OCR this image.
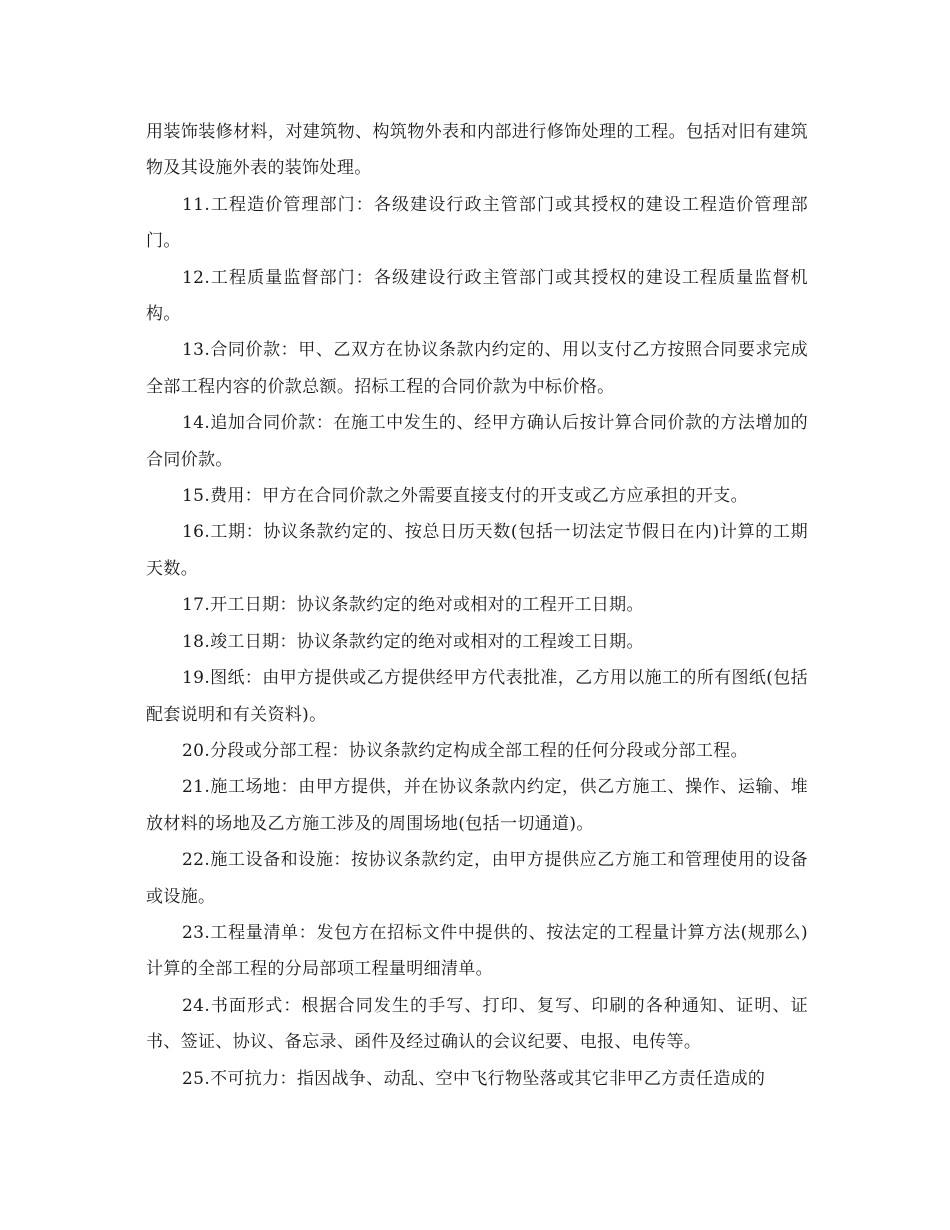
用装饰装修材料，对建筑物、构筑物外表和内部进行修饰处理的工程。包括对旧有建筑物及其设施外表的装饰处理。

11.工程造价管理部门：各级建设行政主管部门或其授权的建设工程造价管理部门。

12.工程质量监督部门：各级建设行政主管部门或其授权的建设工程质量监督机构。

13.合同价款：甲、乙双方在协议条款内约定的、用以支付乙方按照合同要求完成全部工程内容的价款总额。招标工程的合同价款为中标价格。

14.追加合同价款：在施工中发生的、经甲方确认后按计算合同价款的方法增加的合同价款。

15.费用：甲方在合同价款之外需要直接支付的开支或乙方应承担的开支。

16.工期：协议条款约定的、按总日历天数(包括一切法定节假日在内)计算的工期天数。

17.开工日期：协议条款约定的绝对或相对的工程开工日期。

18.竣工日期：协议条款约定的绝对或相对的工程竣工日期。

19.图纸：由甲方提供或乙方提供经甲方代表批准，乙方用以施工的所有图纸(包括配套说明和有关资料)。

20.分段或分部工程：协议条款约定构成全部工程的任何分段或分部工程。

21.施工场地：由甲方提供，并在协议条款内约定，供乙方施工、操作、运输、堆放材料的场地及乙方施工涉及的周围场地(包括一切通道)。

22.施工设备和设施：按协议条款约定，由甲方提供应乙方施工和管理使用的设备或设施。

23.工程量清单：发包方在招标文件中提供的、按法定的工程量计算方法(规那么)计算的全部工程的分局部项工程量明细清单。

24.书面形式：根据合同发生的手写、打印、复写、印刷的各种通知、证明、证书、签证、协议、备忘录、函件及经过确认的会议纪要、电报、电传等。

25.不可抗力：指因战争、动乱、空中飞行物坠落或其它非甲乙方责任造成的
